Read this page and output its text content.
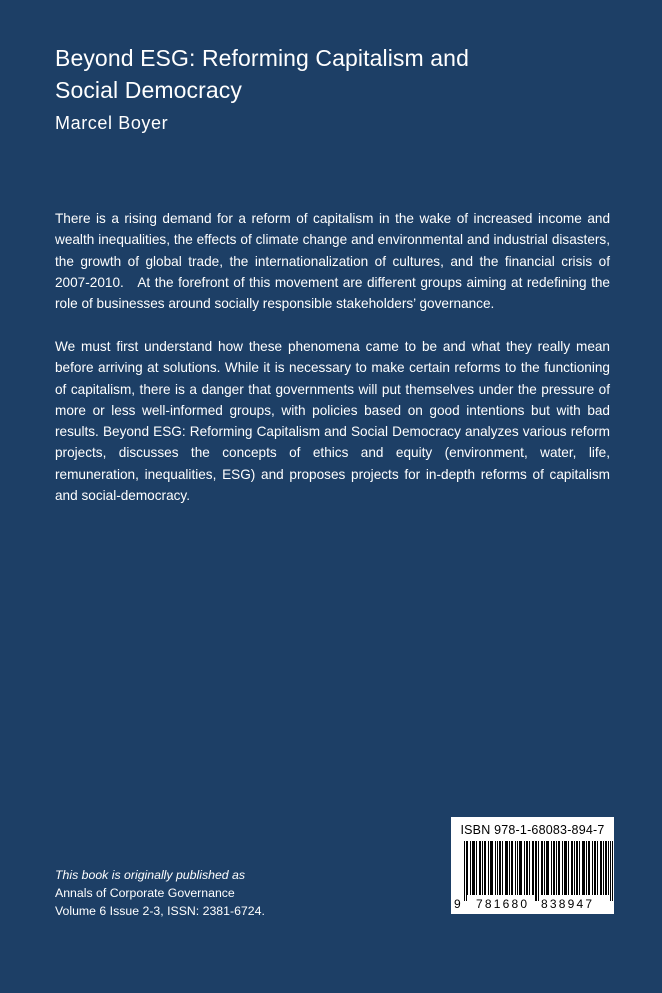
Beyond ESG: Reforming Capitalism and
Social Democracy
Marcel Boyer

There is a rising demand for a reform of capitalism in the wake of increased income and wealth inequalities, the effects of climate change and environmental and industrial disasters, the growth of global trade, the internationalization of cultures, and the financial crisis of 2007-2010.   At the forefront of this movement are different groups aiming at redefining the role of businesses around socially responsible stakeholders’ governance.

We must first understand how these phenomena came to be and what they really mean before arriving at solutions. While it is necessary to make certain reforms to the functioning of capitalism, there is a danger that governments will put themselves under the pressure of more or less well-informed groups, with policies based on good intentions but with bad results. Beyond ESG: Reforming Capitalism and Social Democracy analyzes various reform projects, discusses the concepts of ethics and equity (environment, water, life, remuneration, inequalities, ESG) and proposes projects for in-depth reforms of capitalism and social-democracy.

This book is originally published as
Annals of Corporate Governance
Volume 6 Issue 2-3, ISSN: 2381-6724.
ISBN 978-1-68083-894-7
9 781680 838947
